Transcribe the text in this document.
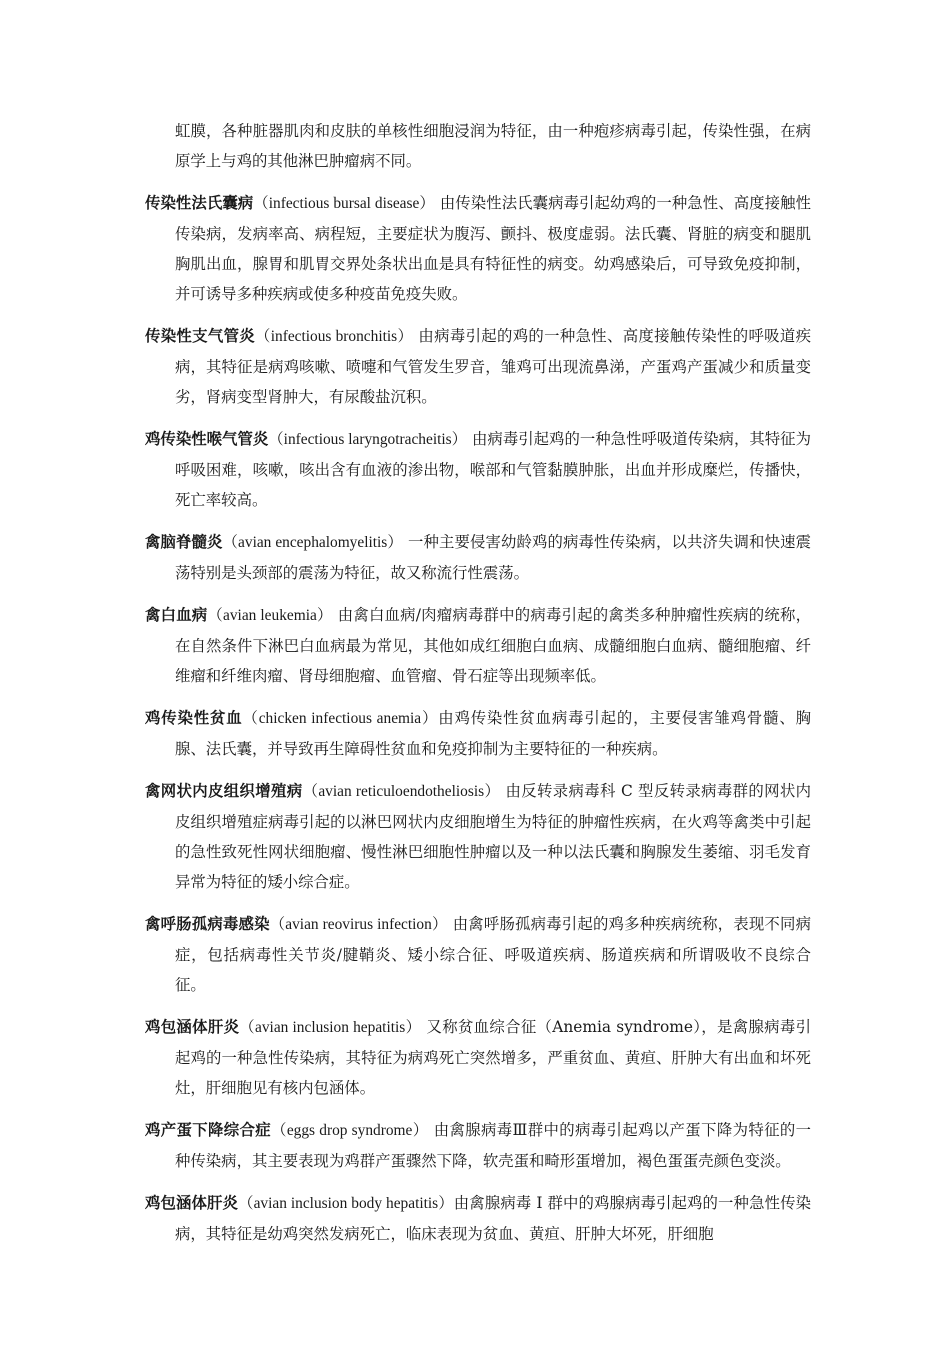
虹膜，各种脏器肌肉和皮肤的单核性细胞浸润为特征，由一种疱疹病毒引起，传染性强，在病原学上与鸡的其他淋巴肿瘤病不同。

传染性法氏囊病（infectious bursal disease） 由传染性法氏囊病毒引起幼鸡的一种急性、高度接触性传染病，发病率高、病程短，主要症状为腹泻、颤抖、极度虚弱。法氏囊、肾脏的病变和腿肌胸肌出血，腺胃和肌胃交界处条状出血是具有特征性的病变。幼鸡感染后，可导致免疫抑制，并可诱导多种疾病或使多种疫苗免疫失败。

传染性支气管炎（infectious bronchitis） 由病毒引起的鸡的一种急性、高度接触传染性的呼吸道疾病，其特征是病鸡咳嗽、喷嚏和气管发生罗音，雏鸡可出现流鼻涕，产蛋鸡产蛋减少和质量变劣，肾病变型肾肿大，有尿酸盐沉积。

鸡传染性喉气管炎（infectious laryngotracheitis） 由病毒引起鸡的一种急性呼吸道传染病，其特征为呼吸困难，咳嗽，咳出含有血液的渗出物，喉部和气管黏膜肿胀，出血并形成糜烂，传播快，死亡率较高。

禽脑脊髓炎（avian encephalomyelitis） 一种主要侵害幼龄鸡的病毒性传染病，以共济失调和快速震荡特别是头颈部的震荡为特征，故又称流行性震荡。

禽白血病（avian leukemia） 由禽白血病/肉瘤病毒群中的病毒引起的禽类多种肿瘤性疾病的统称，在自然条件下淋巴白血病最为常见，其他如成红细胞白血病、成髓细胞白血病、髓细胞瘤、纤维瘤和纤维肉瘤、肾母细胞瘤、血管瘤、骨石症等出现频率低。

鸡传染性贫血（chicken infectious anemia）由鸡传染性贫血病毒引起的，主要侵害雏鸡骨髓、胸腺、法氏囊，并导致再生障碍性贫血和免疫抑制为主要特征的一种疾病。

禽网状内皮组织增殖病（avian reticuloendotheliosis） 由反转录病毒科 C 型反转录病毒群的网状内皮组织增殖症病毒引起的以淋巴网状内皮细胞增生为特征的肿瘤性疾病，在火鸡等禽类中引起的急性致死性网状细胞瘤、慢性淋巴细胞性肿瘤以及一种以法氏囊和胸腺发生萎缩、羽毛发育异常为特征的矮小综合症。

禽呼肠孤病毒感染（avian reovirus infection） 由禽呼肠孤病毒引起的鸡多种疾病统称，表现不同病症，包括病毒性关节炎/腱鞘炎、矮小综合征、呼吸道疾病、肠道疾病和所谓吸收不良综合征。

鸡包涵体肝炎（avian inclusion hepatitis） 又称贫血综合征（Anemia syndrome），是禽腺病毒引起鸡的一种急性传染病，其特征为病鸡死亡突然增多，严重贫血、黄疸、肝肿大有出血和坏死灶，肝细胞见有核内包涵体。

鸡产蛋下降综合症（eggs drop syndrome） 由禽腺病毒Ⅲ群中的病毒引起鸡以产蛋下降为特征的一种传染病，其主要表现为鸡群产蛋骤然下降，软壳蛋和畸形蛋增加，褐色蛋蛋壳颜色变淡。

鸡包涵体肝炎（avian inclusion body hepatitis）由禽腺病毒 I 群中的鸡腺病毒引起鸡的一种急性传染病，其特征是幼鸡突然发病死亡，临床表现为贫血、黄疸、肝肿大坏死，肝细胞
